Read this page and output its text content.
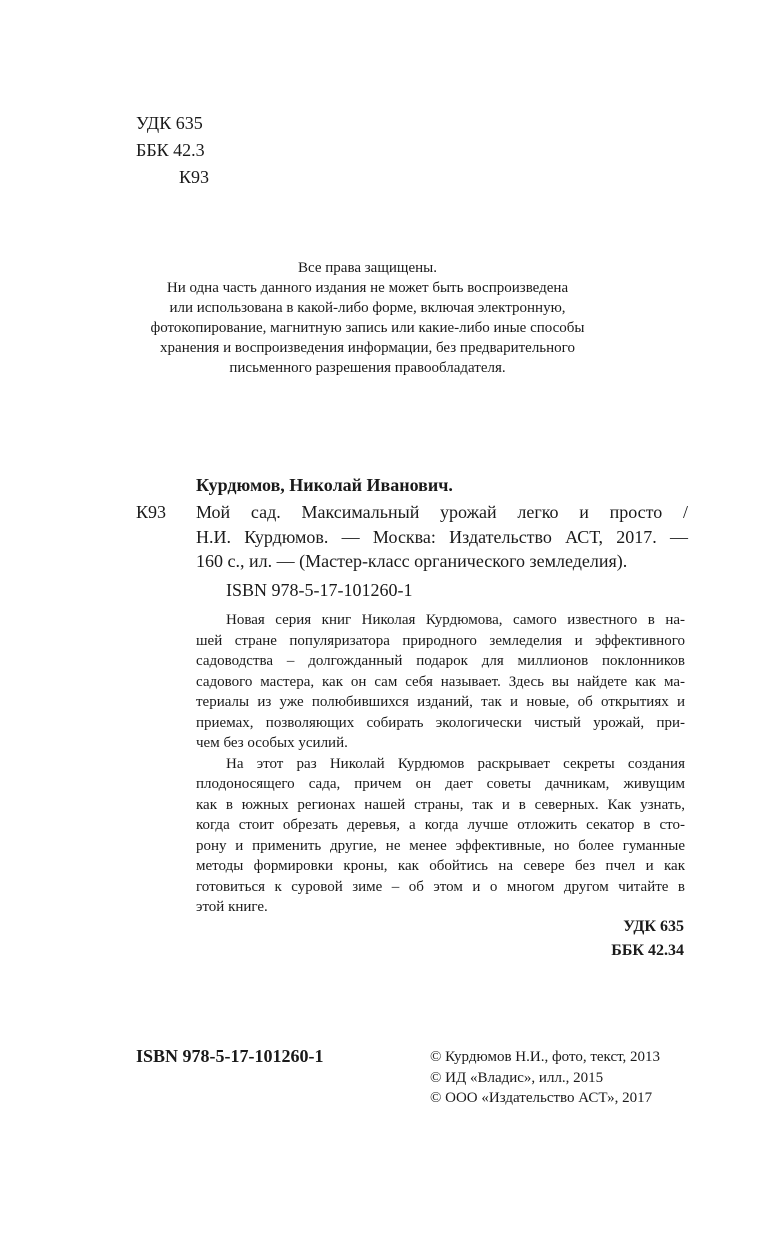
УДК 635
ББК 42.3
К93
Все права защищены.
Ни одна часть данного издания не может быть воспроизведена
или использована в какой-либо форме, включая электронную,
фотокопирование, магнитную запись или какие-либо иные способы
хранения и воспроизведения информации, без предварительного
письменного разрешения правообладателя.
Курдюмов, Николай Иванович.
К93 Мой сад. Максимальный урожай легко и просто /
Н.И. Курдюмов. — Москва: Издательство АСТ, 2017. —
160 с., ил. — (Мастер-класс органического земледелия).
ISBN 978-5-17-101260-1
Новая серия книг Николая Курдюмова, самого известного в на-
шей стране популяризатора природного земледелия и эффективного
садоводства – долгожданный подарок для миллионов поклонников
садового мастера, как он сам себя называет. Здесь вы найдете как ма-
териалы из уже полюбившихся изданий, так и новые, об открытиях и
приемах, позволяющих собирать экологически чистый урожай, при-
чем без особых усилий.
На этот раз Николай Курдюмов раскрывает секреты создания
плодоносящего сада, причем он дает советы дачникам, живущим
как в южных регионах нашей страны, так и в северных. Как узнать,
когда стоит обрезать деревья, а когда лучше отложить секатор в сто-
рону и применить другие, не менее эффективные, но более гуманные
методы формировки кроны, как обойтись на севере без пчел и как
готовиться к суровой зиме – об этом и о многом другом читайте в
этой книге.
УДК 635
ББК 42.34
ISBN 978-5-17-101260-1	© Курдюмов Н.И., фото, текст, 2013
© ИД «Владис», илл., 2015
© ООО «Издательство АСТ», 2017
